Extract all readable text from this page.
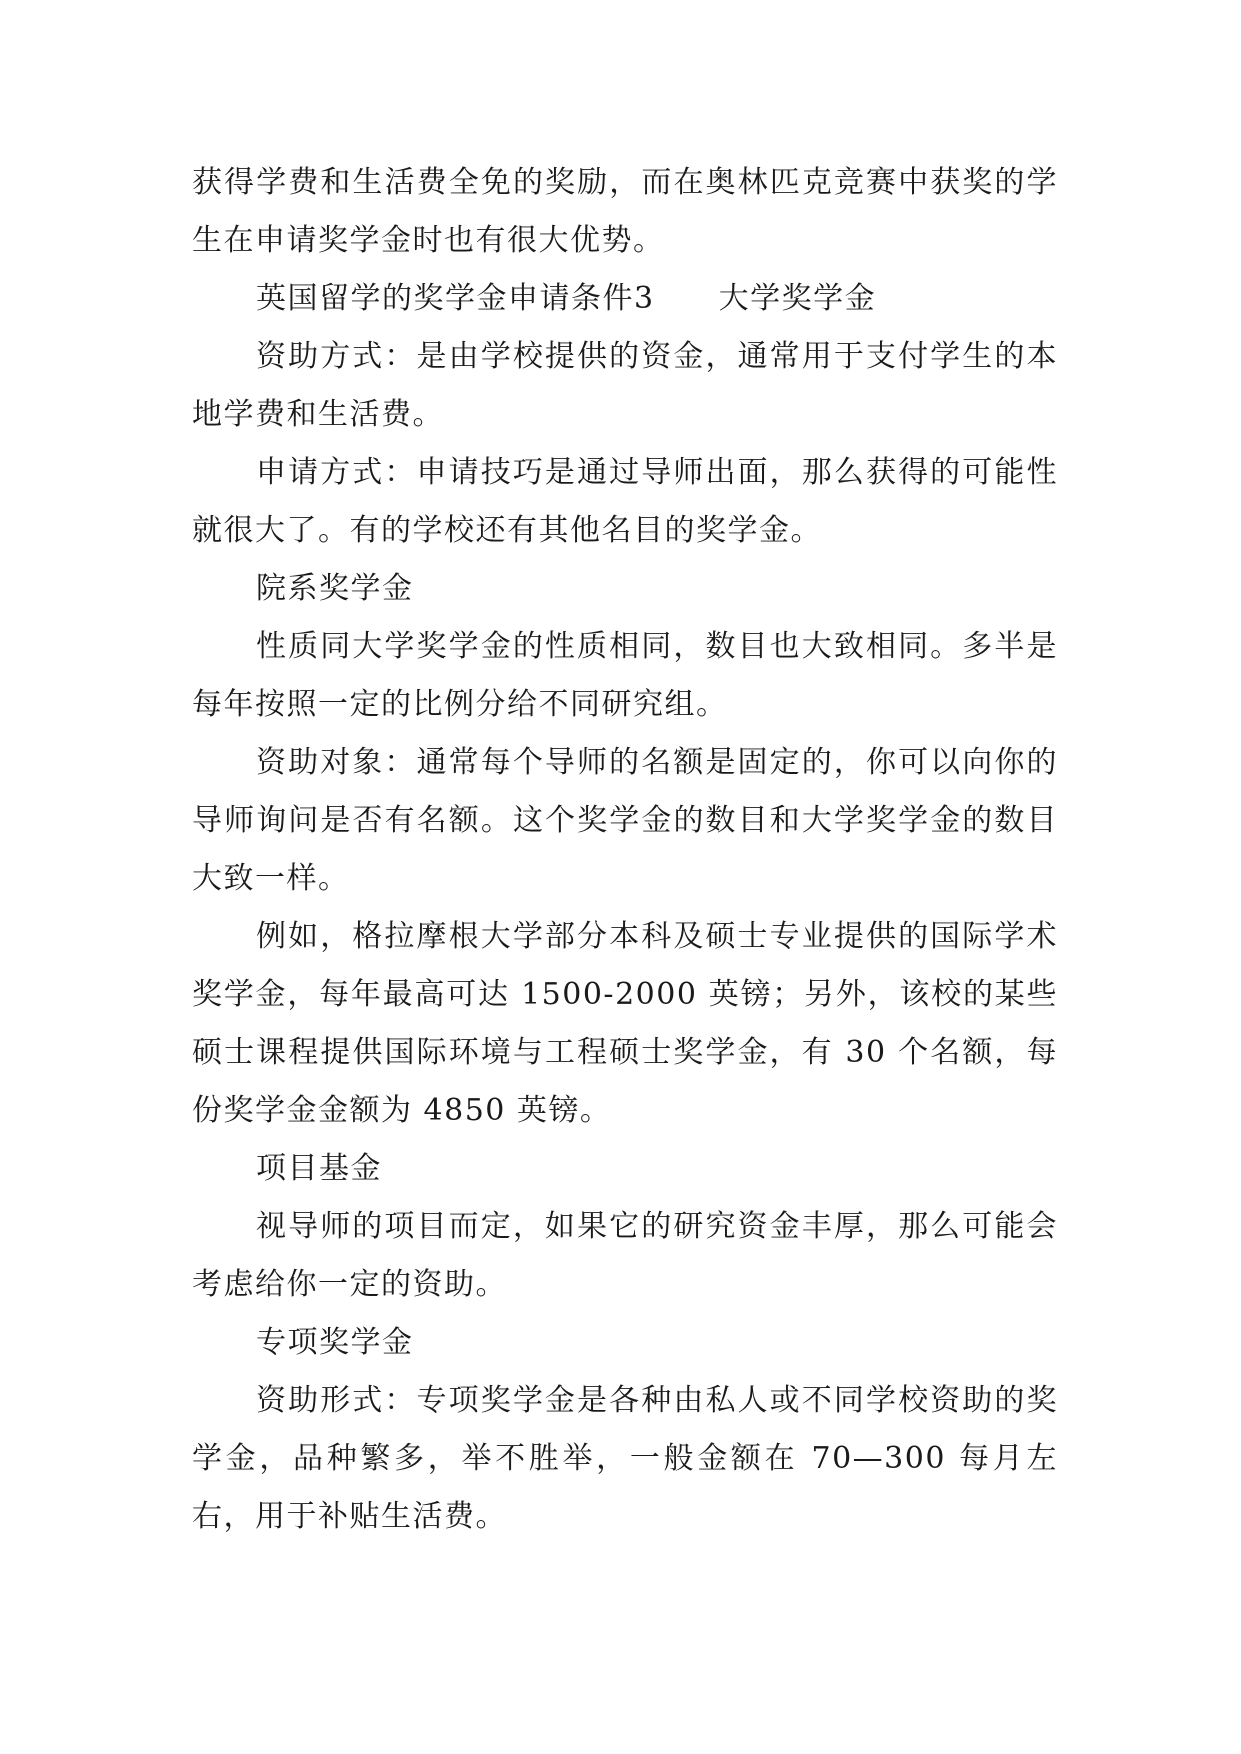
获得学费和生活费全免的奖励，而在奥林匹克竞赛中获奖的学生在申请奖学金时也有很大优势。

英国留学的奖学金申请条件3 大学奖学金

资助方式：是由学校提供的资金，通常用于支付学生的本地学费和生活费。

申请方式：申请技巧是通过导师出面，那么获得的可能性就很大了。有的学校还有其他名目的奖学金。

院系奖学金

性质同大学奖学金的性质相同，数目也大致相同。多半是每年按照一定的比例分给不同研究组。

资助对象：通常每个导师的名额是固定的，你可以向你的导师询问是否有名额。这个奖学金的数目和大学奖学金的数目大致一样。

例如，格拉摩根大学部分本科及硕士专业提供的国际学术奖学金，每年最高可达 1500-2000 英镑；另外，该校的某些硕士课程提供国际环境与工程硕士奖学金，有 30 个名额，每份奖学金金额为 4850 英镑。

项目基金

视导师的项目而定，如果它的研究资金丰厚，那么可能会考虑给你一定的资助。

专项奖学金

资助形式：专项奖学金是各种由私人或不同学校资助的奖学金，品种繁多，举不胜举，一般金额在 70—300 每月左右，用于补贴生活费。
